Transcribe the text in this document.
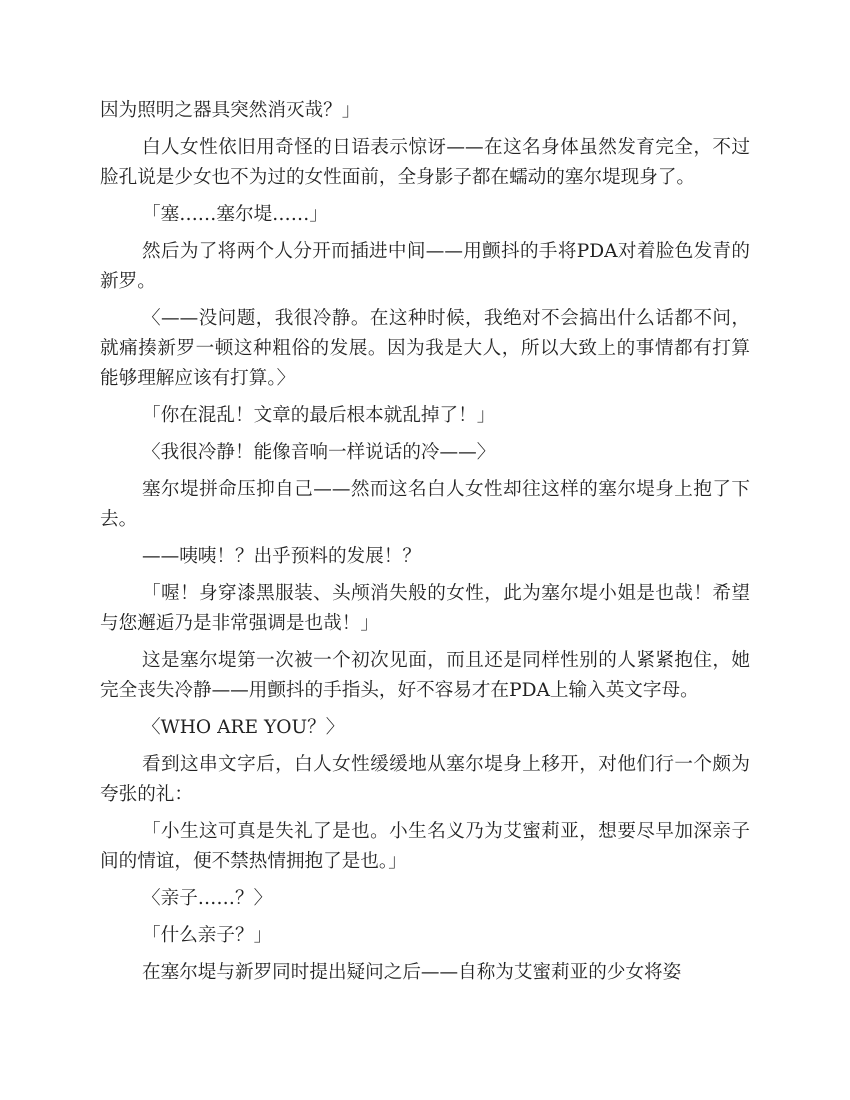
因为照明之器具突然消灭哉？」

白人女性依旧用奇怪的日语表示惊讶——在这名身体虽然发育完全，不过脸孔说是少女也不为过的女性面前，全身影子都在蠕动的塞尔堤现身了。

「塞……塞尔堤……」

然后为了将两个人分开而插进中间——用颤抖的手将PDA对着脸色发青的新罗。

〈——没问题，我很冷静。在这种时候，我绝对不会搞出什么话都不问，就痛揍新罗一顿这种粗俗的发展。因为我是大人，所以大致上的事情都有打算能够理解应该有打算。〉

「你在混乱！文章的最后根本就乱掉了！」

〈我很冷静！能像音响一样说话的冷——〉

塞尔堤拼命压抑自己——然而这名白人女性却往这样的塞尔堤身上抱了下去。

——咦咦！？出乎预料的发展！？

「喔！身穿漆黑服装、头颅消失般的女性，此为塞尔堤小姐是也哉！希望与您邂逅乃是非常强调是也哉！」

这是塞尔堤第一次被一个初次见面，而且还是同样性别的人紧紧抱住，她完全丧失冷静——用颤抖的手指头，好不容易才在PDA上输入英文字母。

〈WHO ARE YOU？〉

看到这串文字后，白人女性缓缓地从塞尔堤身上移开，对他们行一个颇为夸张的礼：

「小生这可真是失礼了是也。小生名义乃为艾蜜莉亚，想要尽早加深亲子间的情谊，便不禁热情拥抱了是也。」

〈亲子……？〉

「什么亲子？」

在塞尔堤与新罗同时提出疑问之后——自称为艾蜜莉亚的少女将姿
